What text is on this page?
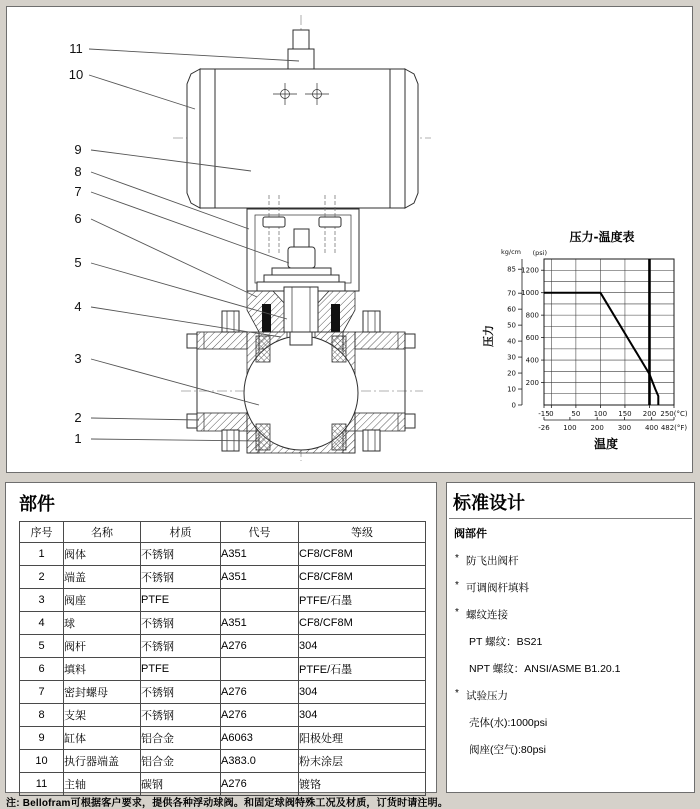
11
10
9
8
7
6
5
4
3
2
1
压力-温度表
kg/cm (psi)
压力
温度
200
400
600
800
1000
1200
0
10
20
30
40
50
60
70
85
-15 0	50 100 150 200 250(°C)
-26 100 200 300 400 482(°F)
部件
序号	名称	材质	代号	等级
1	阀体	不锈钢	A351	CF8/CF8M
2	端盖	不锈钢	A351	CF8/CF8M
3	阀座	PTFE		PTFE/石墨
4	球	不锈钢	A351	CF8/CF8M
5	阀杆	不锈钢	A276	304
6	填料	PTFE		PTFE/石墨
7	密封螺母	不锈钢	A276	304
8	支架	不锈钢	A276	304
9	缸体	铝合金	A6063	阳极处理
10	执行器端盖	铝合金	A383.0	粉末涂层
11	主轴	碳钢	A276	镀铬
标准设计
阀部件
* 防飞出阀杆
* 可调阀杆填料
* 螺纹连接
PT 螺纹：BS21
NPT 螺纹：ANSI/ASME B1.20.1
* 试验压力
壳体(水):1000psi
阀座(空气):80psi
注: Bellofram可根据客户要求，提供各种浮动球阀。和固定球阀特殊工况及材质，订货时请注明。
